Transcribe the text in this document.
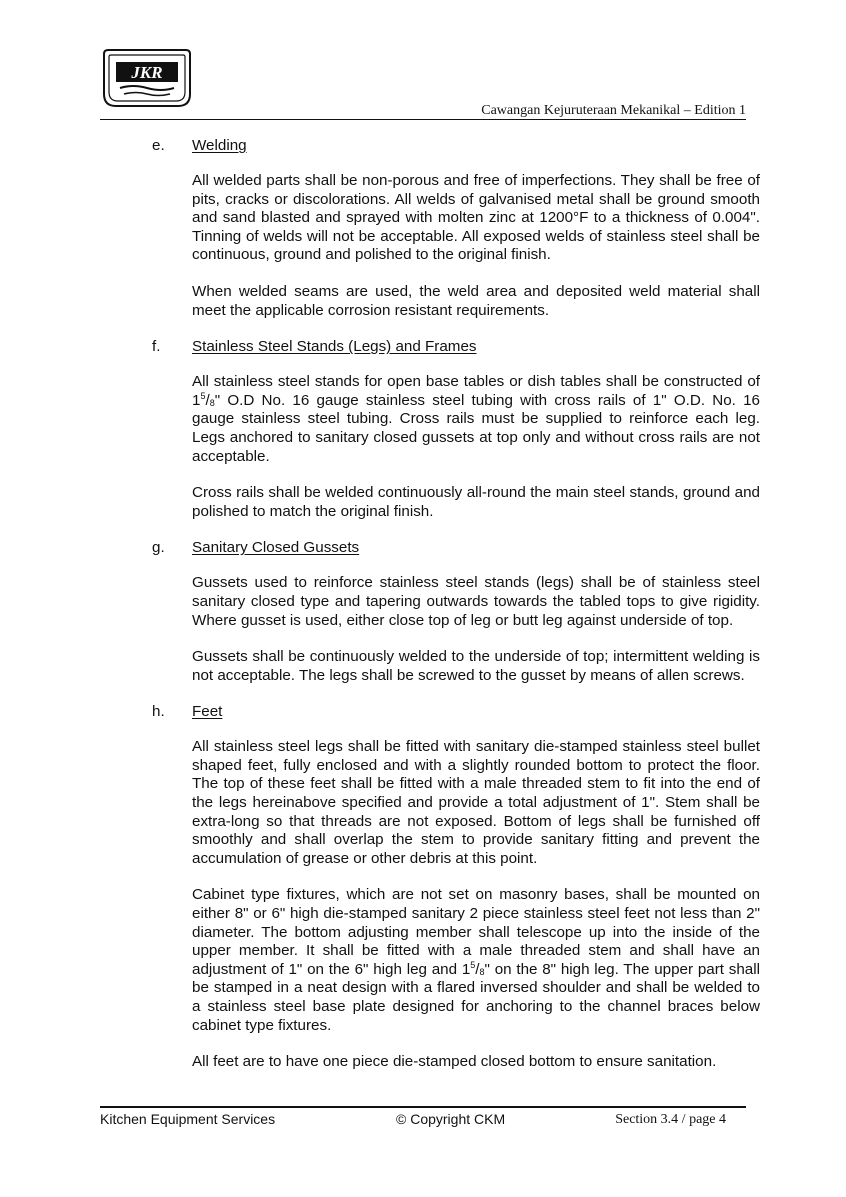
JKR
Cawangan Kejuruteraan Mekanikal – Edition 1
e. Welding

All welded parts shall be non-porous and free of imperfections. They shall be free of pits, cracks or discolorations. All welds of galvanised metal shall be ground smooth and sand blasted and sprayed with molten zinc at 1200°F to a thickness of 0.004". Tinning of welds will not be acceptable. All exposed welds of stainless steel shall be continuous, ground and polished to the original finish.

When welded seams are used, the weld area and deposited weld material shall meet the applicable corrosion resistant requirements.

f. Stainless Steel Stands (Legs) and Frames

All stainless steel stands for open base tables or dish tables shall be constructed of $1^5/8$" O.D No. 16 gauge stainless steel tubing with cross rails of 1" O.D. No. 16 gauge stainless steel tubing. Cross rails must be supplied to reinforce each leg. Legs anchored to sanitary closed gussets at top only and without cross rails are not acceptable.

Cross rails shall be welded continuously all-round the main steel stands, ground and polished to match the original finish.

g. Sanitary Closed Gussets

Gussets used to reinforce stainless steel stands (legs) shall be of stainless steel sanitary closed type and tapering outwards towards the tabled tops to give rigidity. Where gusset is used, either close top of leg or butt leg against underside of top.

Gussets shall be continuously welded to the underside of top; intermittent welding is not acceptable. The legs shall be screwed to the gusset by means of allen screws.

h. Feet

All stainless steel legs shall be fitted with sanitary die-stamped stainless steel bullet shaped feet, fully enclosed and with a slightly rounded bottom to protect the floor. The top of these feet shall be fitted with a male threaded stem to fit into the end of the legs hereinabove specified and provide a total adjustment of 1". Stem shall be extra-long so that threads are not exposed. Bottom of legs shall be furnished off smoothly and shall overlap the stem to provide sanitary fitting and prevent the accumulation of grease or other debris at this point.

Cabinet type fixtures, which are not set on masonry bases, shall be mounted on either 8" or 6" high die-stamped sanitary 2 piece stainless steel feet not less than 2" diameter. The bottom adjusting member shall telescope up into the inside of the upper member. It shall be fitted with a male threaded stem and shall have an adjustment of 1" on the 6" high leg and $1^5/8$" on the 8" high leg. The upper part shall be stamped in a neat design with a flared inversed shoulder and shall be welded to a stainless steel base plate designed for anchoring to the channel braces below cabinet type fixtures.

All feet are to have one piece die-stamped closed bottom to ensure sanitation.

Kitchen Equipment Services	© Copyright CKM	Section 3.4 / page 4
